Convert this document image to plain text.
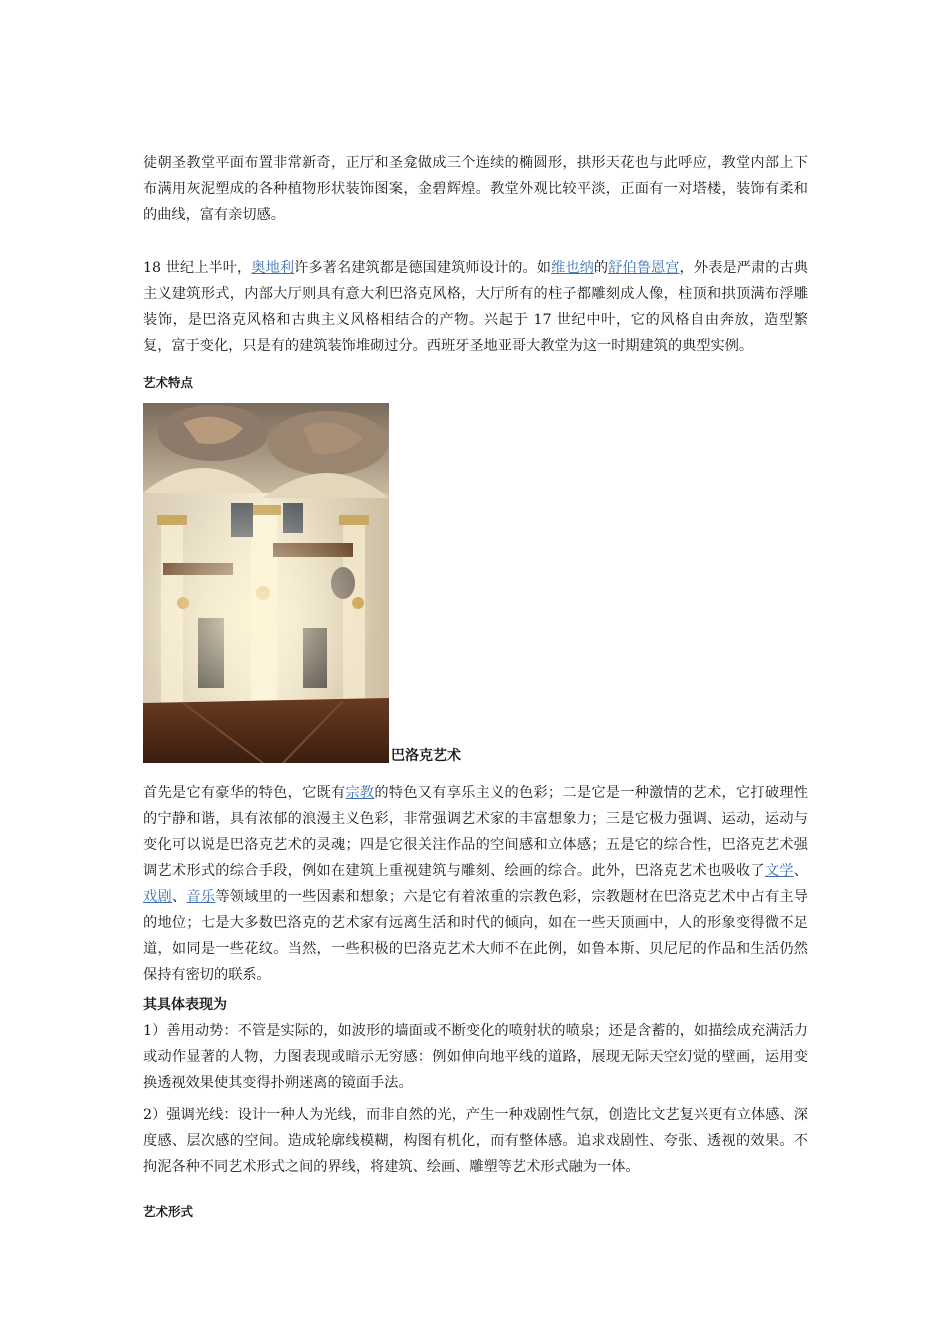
徒朝圣教堂平面布置非常新奇，正厅和圣龛做成三个连续的椭圆形，拱形天花也与此呼应，教堂内部上下布满用灰泥塑成的各种植物形状装饰图案，金碧辉煌。教堂外观比较平淡，正面有一对塔楼，装饰有柔和的曲线，富有亲切感。

18 世纪上半叶，奥地利许多著名建筑都是德国建筑师设计的。如维也纳的舒伯鲁恩宫，外表是严肃的古典主义建筑形式，内部大厅则具有意大利巴洛克风格，大厅所有的柱子都雕刻成人像，柱顶和拱顶满布浮雕装饰，是巴洛克风格和古典主义风格相结合的产物。兴起于 17 世纪中叶，它的风格自由奔放，造型繁复，富于变化，只是有的建筑装饰堆砌过分。西班牙圣地亚哥大教堂为这一时期建筑的典型实例。

艺术特点

巴洛克艺术

首先是它有豪华的特色，它既有宗教的特色又有享乐主义的色彩；二是它是一种激情的艺术，它打破理性的宁静和谐，具有浓郁的浪漫主义色彩，非常强调艺术家的丰富想象力；三是它极力强调、运动，运动与变化可以说是巴洛克艺术的灵魂；四是它很关注作品的空间感和立体感；五是它的综合性，巴洛克艺术强调艺术形式的综合手段，例如在建筑上重视建筑与雕刻、绘画的综合。此外，巴洛克艺术也吸收了文学、戏剧、音乐等领域里的一些因素和想象；六是它有着浓重的宗教色彩，宗教题材在巴洛克艺术中占有主导的地位；七是大多数巴洛克的艺术家有远离生活和时代的倾向，如在一些天顶画中，人的形象变得微不足道，如同是一些花纹。当然，一些积极的巴洛克艺术大师不在此例，如鲁本斯、贝尼尼的作品和生活仍然保持有密切的联系。

其具体表现为

1）善用动势：不管是实际的，如波形的墙面或不断变化的喷射状的喷泉；还是含蓄的，如描绘成充满活力或动作显著的人物，力图表现或暗示无穷感：例如伸向地平线的道路，展现无际天空幻觉的壁画，运用变换透视效果使其变得扑朔迷离的镜面手法。

2）强调光线：设计一种人为光线，而非自然的光，产生一种戏剧性气氛，创造比文艺复兴更有立体感、深度感、层次感的空间。造成轮廓线模糊，构图有机化，而有整体感。追求戏剧性、夸张、透视的效果。不拘泥各种不同艺术形式之间的界线，将建筑、绘画、雕塑等艺术形式融为一体。

艺术形式
